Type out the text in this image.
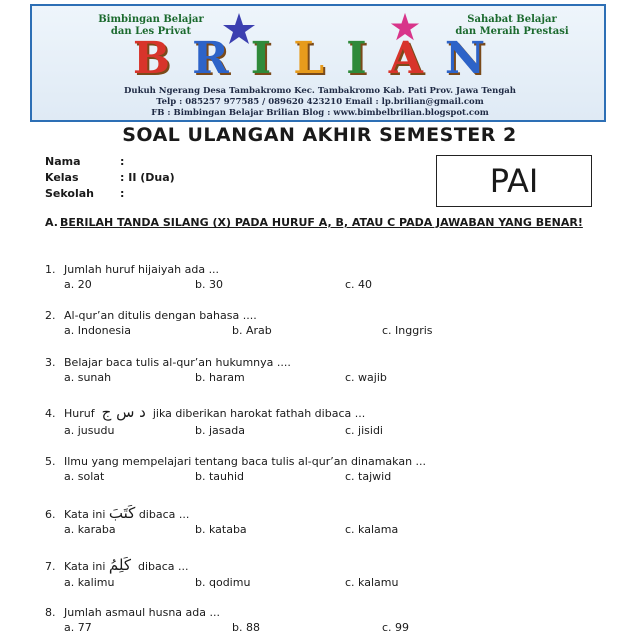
Bimbingan Belajar
dan Les Privat
Sahabat Belajar
dan Meraih Prestasi
BRILIAN
Dukuh Ngerang Desa Tambakromo Kec. Tambakromo Kab. Pati Prov. Jawa Tengah
Telp : 085257 977585 / 089620 423210 Email : lp.brilian@gmail.com
FB : Bimbingan Belajar Brilian Blog : www.bimbelbrilian.blogspot.com
SOAL ULANGAN AKHIR SEMESTER 2
Nama	:
Kelas	: II (Dua)
Sekolah :	PAI
A. BERILAH TANDA SILANG (X) PADA HURUF A, B, ATAU C PADA JAWABAN YANG BENAR!
1. Jumlah huruf hijaiyah ada ...
a. 20	b. 30	c. 40
2. Al-qur’an ditulis dengan bahasa ....
a. Indonesia	b. Arab	c. Inggris
3. Belajar baca tulis al-qur’an hukumnya ....
a. sunah	b. haram	c. wajib
4. Huruf د س ج jika diberikan harokat fathah dibaca ...
a. jusudu	b. jasada	c. jisidi
5. Ilmu yang mempelajari tentang baca tulis al-qur’an dinamakan ...
a. solat	b. tauhid	c. tajwid
6. Kata ini كَتَبَ dibaca ...
a. karaba	b. kataba	c. kalama
7. Kata ini كَلِمُ dibaca ...
a. kalimu	b. qodimu	c. kalamu
8. Jumlah asmaul husna ada ...
a. 77	b. 88	c. 99
